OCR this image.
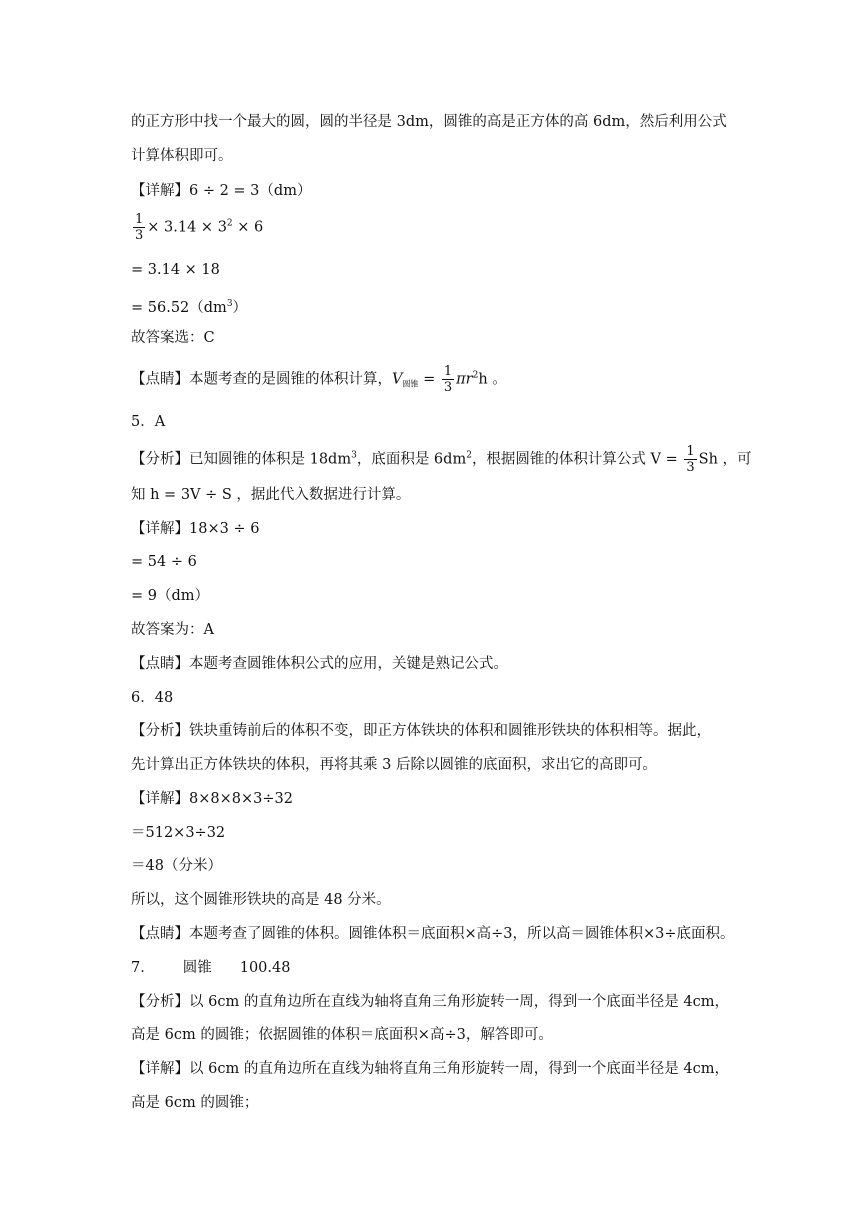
的正方形中找一个最大的圆，圆的半径是 3dm，圆锥的高是正方体的高 6dm，然后利用公式
计算体积即可。
【详解】6 ÷ 2 = 3（dm）
$\frac{1}{3} \times 3.14 \times 3^2 \times 6$
= 3.14 × 18
= $56.52(dm^3)$
故答案选：C
【点睛】本题考查的是圆锥的体积计算，$V_{圆锥} = \frac{1}{3} \pi r^2h$ 。
5．A
【分析】已知圆锥的体积是 $18dm^3$，底面积是 $6dm^2$，根据圆锥的体积计算公式 $V = \frac{1}{3}$ Sh ，可
知 h = 3V ÷ S ，据此代入数据进行计算。
【详解】18×3 ÷ 6
= 54 ÷ 6
= 9（dm）
故答案为：A
【点睛】本题考查圆锥体积公式的应用，关键是熟记公式。
6．48
【分析】铁块重铸前后的体积不变，即正方体铁块的体积和圆锥形铁块的体积相等。据此，
先计算出正方体铁块的体积，再将其乘 3 后除以圆锥的底面积，求出它的高即可。
【详解】8×8×8×3÷32
＝512×3÷32
＝48（分米）
所以，这个圆锥形铁块的高是 48 分米。
【点睛】本题考查了圆锥的体积。圆锥体积＝底面积×高÷3，所以高＝圆锥体积×3÷底面积。
7． 圆锥 100.48
【分析】以 6cm 的直角边所在直线为轴将直角三角形旋转一周，得到一个底面半径是 4cm，
高是 6cm 的圆锥；依据圆锥的体积＝底面积×高÷3，解答即可。
【详解】以 6cm 的直角边所在直线为轴将直角三角形旋转一周，得到一个底面半径是 4cm，
高是 6cm 的圆锥；
